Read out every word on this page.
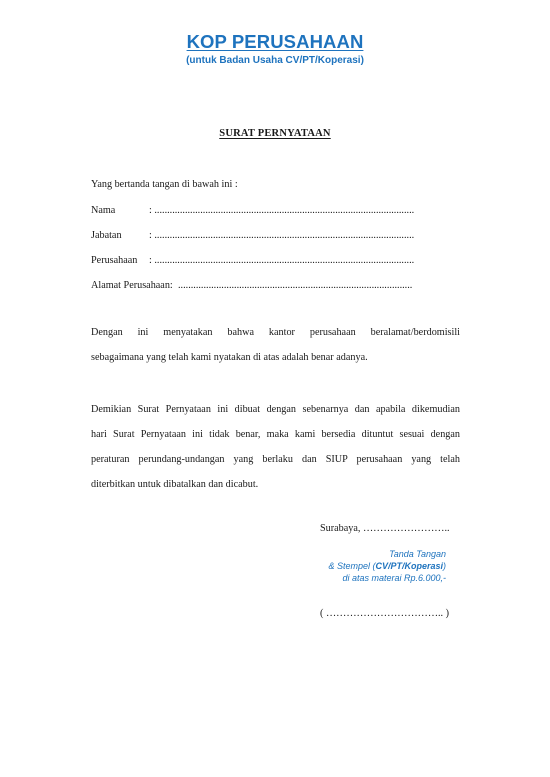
KOP PERUSAHAAN
(untuk Badan Usaha CV/PT/Koperasi)
SURAT PERNYATAAN
Yang bertanda tangan di bawah ini :
Nama	: ......................................................................................................
Jabatan	: ......................................................................................................
Perusahaan : ......................................................................................................
Alamat Perusahaan: ............................................................................................
Dengan ini menyatakan bahwa kantor perusahaan beralamat/berdomisili
sebagaimana yang telah kami nyatakan di atas adalah benar adanya.
Demikian Surat Pernyataan ini dibuat dengan sebenarnya dan apabila dikemudian
hari Surat Pernyataan ini tidak benar, maka kami bersedia dituntut sesuai dengan
peraturan perundang-undangan yang berlaku dan SIUP perusahaan yang telah
diterbitkan untuk dibatalkan dan dicabut.
Surabaya, ……………………..
Tanda Tangan
& Stempel (CV/PT/Koperasi)
di atas materai Rp.6.000,-
( …………………………….. )
